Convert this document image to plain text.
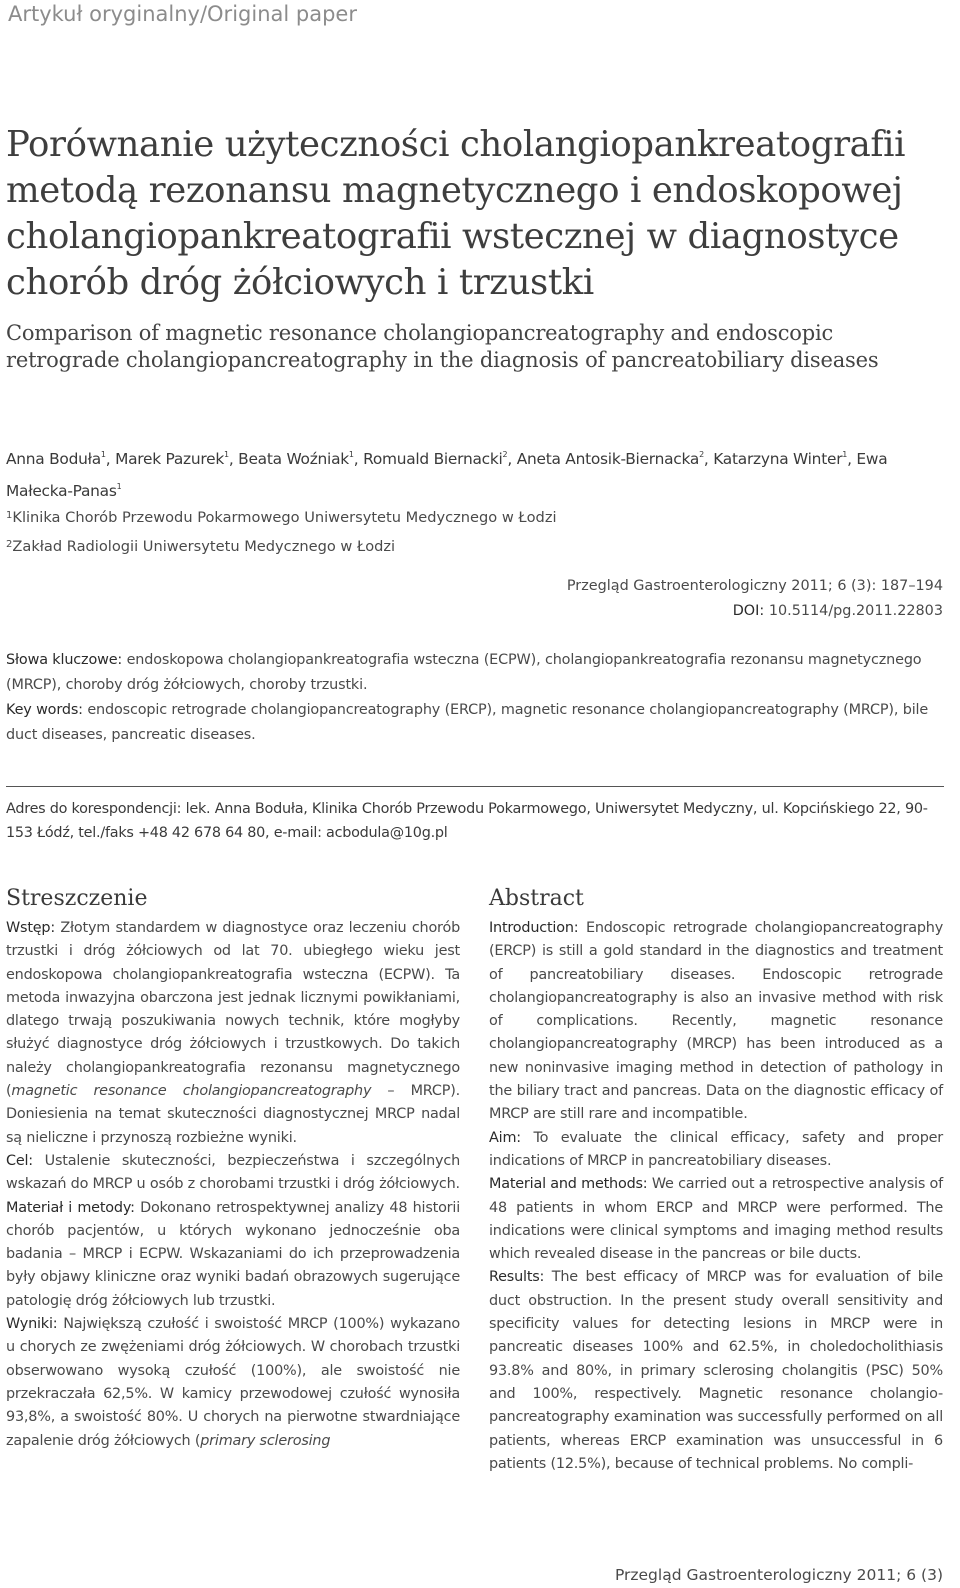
Artykuł oryginalny/Original paper
Porównanie użyteczności cholangiopankreatografii metodą rezonansu magnetycznego i endoskopowej cholangiopankreatografii wstecznej w diagnostyce chorób dróg żółciowych i trzustki
Comparison of magnetic resonance cholangiopancreatography and endoscopic retrograde cholangiopancreatography in the diagnosis of pancreatobiliary diseases

Anna Boduła$^1$, Marek Pazurek$^1$, Beata Woźniak$^1$, Romuald Biernacki$^2$, Aneta Antosik-Biernacka$^2$, Katarzyna Winter$^1$, Ewa Małecka-Panas$^1$

$^1$Klinika Chorób Przewodu Pokarmowego Uniwersytetu Medycznego w Łodzi
$^2$Zakład Radiologii Uniwersytetu Medycznego w Łodzi
Przegląd Gastroenterologiczny 2011; 6 (3): 187–194
DOI: 10.5114/pg.2011.22803
Słowa kluczowe: endoskopowa cholangiopankreatografia wsteczna (ECPW), cholangiopankreatografia rezonansu magnetycznego (MRCP), choroby dróg żółciowych, choroby trzustki.
Key words: endoscopic retrograde cholangiopancreatography (ERCP), magnetic resonance cholangiopancreatography (MRCP), bile duct diseases, pancreatic diseases.
Adres do korespondencji: lek. Anna Boduła, Klinika Chorób Przewodu Pokarmowego, Uniwersytet Medyczny, ul. Kopcińskiego 22, 90-153 Łódź, tel./faks +48 42 678 64 80, e-mail: acbodula@10g.pl
Streszczenie

Wstęp: Złotym standardem w diagnostyce oraz leczeniu chorób trzustki i dróg żółciowych od lat 70. ubiegłego wieku jest endoskopowa cholangiopankreatografia wsteczna (ECPW). Ta metoda inwazyjna obarczona jest jednak licznymi powikłaniami, dlatego trwają poszukiwania nowych technik, które mogłyby służyć diagnostyce dróg żółciowych i trzustkowych. Do takich należy cholangiopankreatografia rezonansu magnetycznego (magnetic resonance cholangiopancreatography – MRCP). Doniesienia na temat skuteczności diagnostycznej MRCP nadal są nieliczne i przynoszą rozbieżne wyniki.

Cel: Ustalenie skuteczności, bezpieczeństwa i szczególnych wskazań do MRCP u osób z chorobami trzustki i dróg żółciowych.

Materiał i metody: Dokonano retrospektywnej analizy 48 historii chorób pacjentów, u których wykonano jednocześnie oba badania – MRCP i ECPW. Wskazaniami do ich przeprowadzenia były objawy kliniczne oraz wyniki badań obrazowych sugerujące patologię dróg żółciowych lub trzustki.

Wyniki: Największą czułość i swoistość MRCP (100%) wykazano u chorych ze zwężeniami dróg żółciowych. W chorobach trzustki obserwowano wysoką czułość (100%), ale swoistość nie przekraczała 62,5%. W kamicy przewodowej czułość wynosiła 93,8%, a swoistość 80%. U chorych na pierwotne stwardniające zapalenie dróg żółciowych (primary sclerosing

Abstract

Introduction: Endoscopic retrograde cholangiopancreatography (ERCP) is still a gold standard in the diagnostics and treatment of pancreatobiliary diseases. Endoscopic retrograde cholangiopancreatography is also an invasive method with risk of complications. Recently, magnetic resonance cholangiopancreatography (MRCP) has been introduced as a new noninvasive imaging method in detection of pathology in the biliary tract and pancreas. Data on the diagnostic efficacy of MRCP are still rare and incompatible.

Aim: To evaluate the clinical efficacy, safety and proper indications of MRCP in pancreatobiliary diseases.

Material and methods: We carried out a retrospective analysis of 48 patients in whom ERCP and MRCP were performed. The indications were clinical symptoms and imaging method results which revealed disease in the pancreas or bile ducts.

Results: The best efficacy of MRCP was for evaluation of bile duct obstruction. In the present study overall sensitivity and specificity values for detecting lesions in MRCP were in pancreatic diseases 100% and 62.5%, in choledocholithiasis 93.8% and 80%, in primary sclerosing cholangitis (PSC) 50% and 100%, respectively. Magnetic resonance cholangio-pancreatography examination was successfully performed on all patients, whereas ERCP examination was unsuccessful in 6 patients (12.5%), because of technical problems. No compli-

Przegląd Gastroenterologiczny 2011; 6 (3)
